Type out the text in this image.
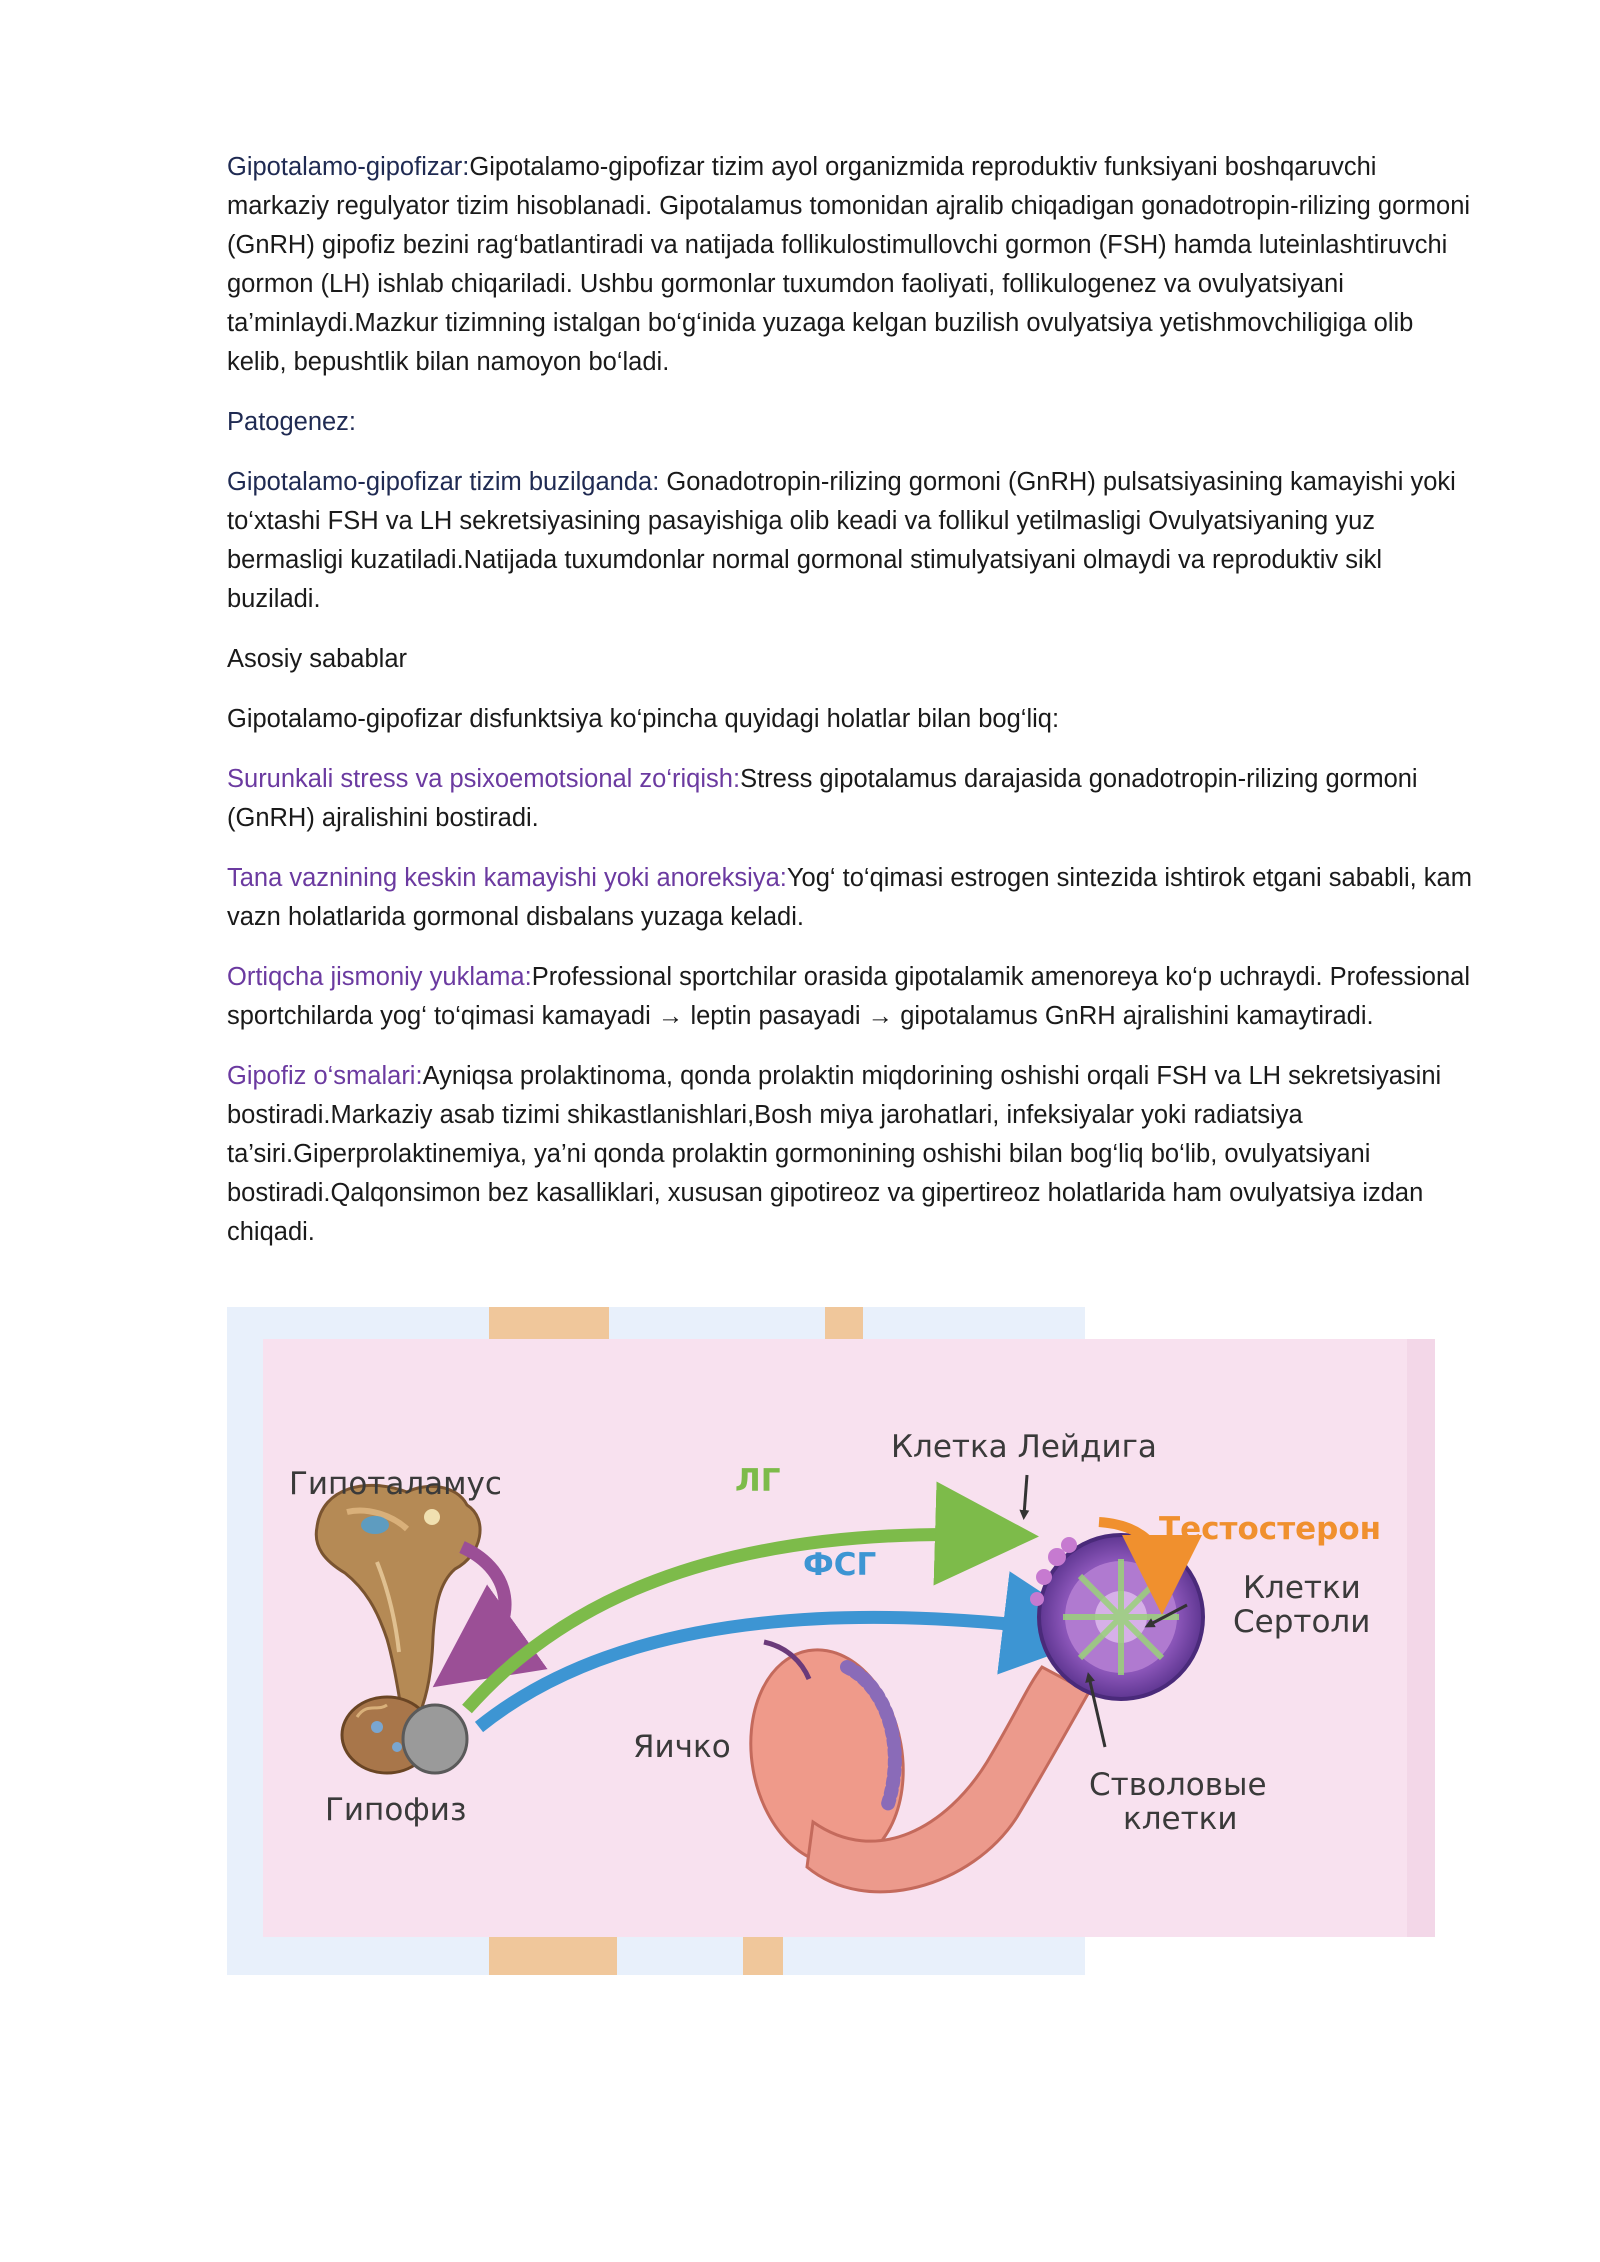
Gipotalamo-gipofizar:Gipotalamo-gipofizar tizim ayol organizmida reproduktiv funksiyani boshqaruvchi markaziy regulyator tizim hisoblanadi. Gipotalamus tomonidan ajralib chiqadigan gonadotropin-rilizing gormoni (GnRH) gipofiz bezini rag‘batlantiradi va natijada follikulostimullovchi gormon (FSH) hamda luteinlashtiruvchi gormon (LH) ishlab chiqariladi. Ushbu gormonlar tuxumdon faoliyati, follikulogenez va ovulyatsiyani ta’minlaydi.Mazkur tizimning istalgan bo‘g‘inida yuzaga kelgan buzilish ovulyatsiya yetishmovchiligiga olib kelib, bepushtlik bilan namoyon bo‘ladi.

Patogenez:

Gipotalamo-gipofizar tizim buzilganda: Gonadotropin-rilizing gormoni (GnRH) pulsatsiyasining kamayishi yoki to‘xtashi FSH va LH sekretsiyasining pasayishiga olib keadi va follikul yetilmasligi Ovulyatsiyaning yuz bermasligi kuzatiladi.Natijada tuxumdonlar normal gormonal stimulyatsiyani olmaydi va reproduktiv sikl buziladi.

Asosiy sabablar

Gipotalamo-gipofizar disfunktsiya ko‘pincha quyidagi holatlar bilan bog‘liq:

Surunkali stress va psixoemotsional zo‘riqish:Stress gipotalamus darajasida gonadotropin-rilizing gormoni (GnRH) ajralishini bostiradi.

Tana vaznining keskin kamayishi yoki anoreksiya:Yog‘ to‘qimasi estrogen sintezida ishtirok etgani sababli, kam vazn holatlarida gormonal disbalans yuzaga keladi.

Ortiqcha jismoniy yuklama:Professional sportchilar orasida gipotalamik amenoreya ko‘p uchraydi. Professional sportchilarda yog‘ to‘qimasi kamayadi → leptin pasayadi → gipotalamus GnRH ajralishini kamaytiradi.

Gipofiz o‘smalari:Ayniqsa prolaktinoma, qonda prolaktin miqdorining oshishi orqali FSH va LH sekretsiyasini bostiradi.Markaziy asab tizimi shikastlanishlari,Bosh miya jarohatlari, infeksiyalar yoki radiatsiya ta’siri.Giperprolaktinemiya, ya’ni qonda prolaktin gormonining oshishi bilan bog‘liq bo‘lib, ovulyatsiyani bostiradi.Qalqonsimon bez kasalliklari, xususan gipotireoz va gipertireoz holatlarida ham ovulyatsiya izdan chiqadi.

Гипоталамус
Гипофиз
ЛГ
ФСГ
Клетка Лейдига
Тестостерон
Клетки
Сертоли
Яичко
Стволовые
клетки
